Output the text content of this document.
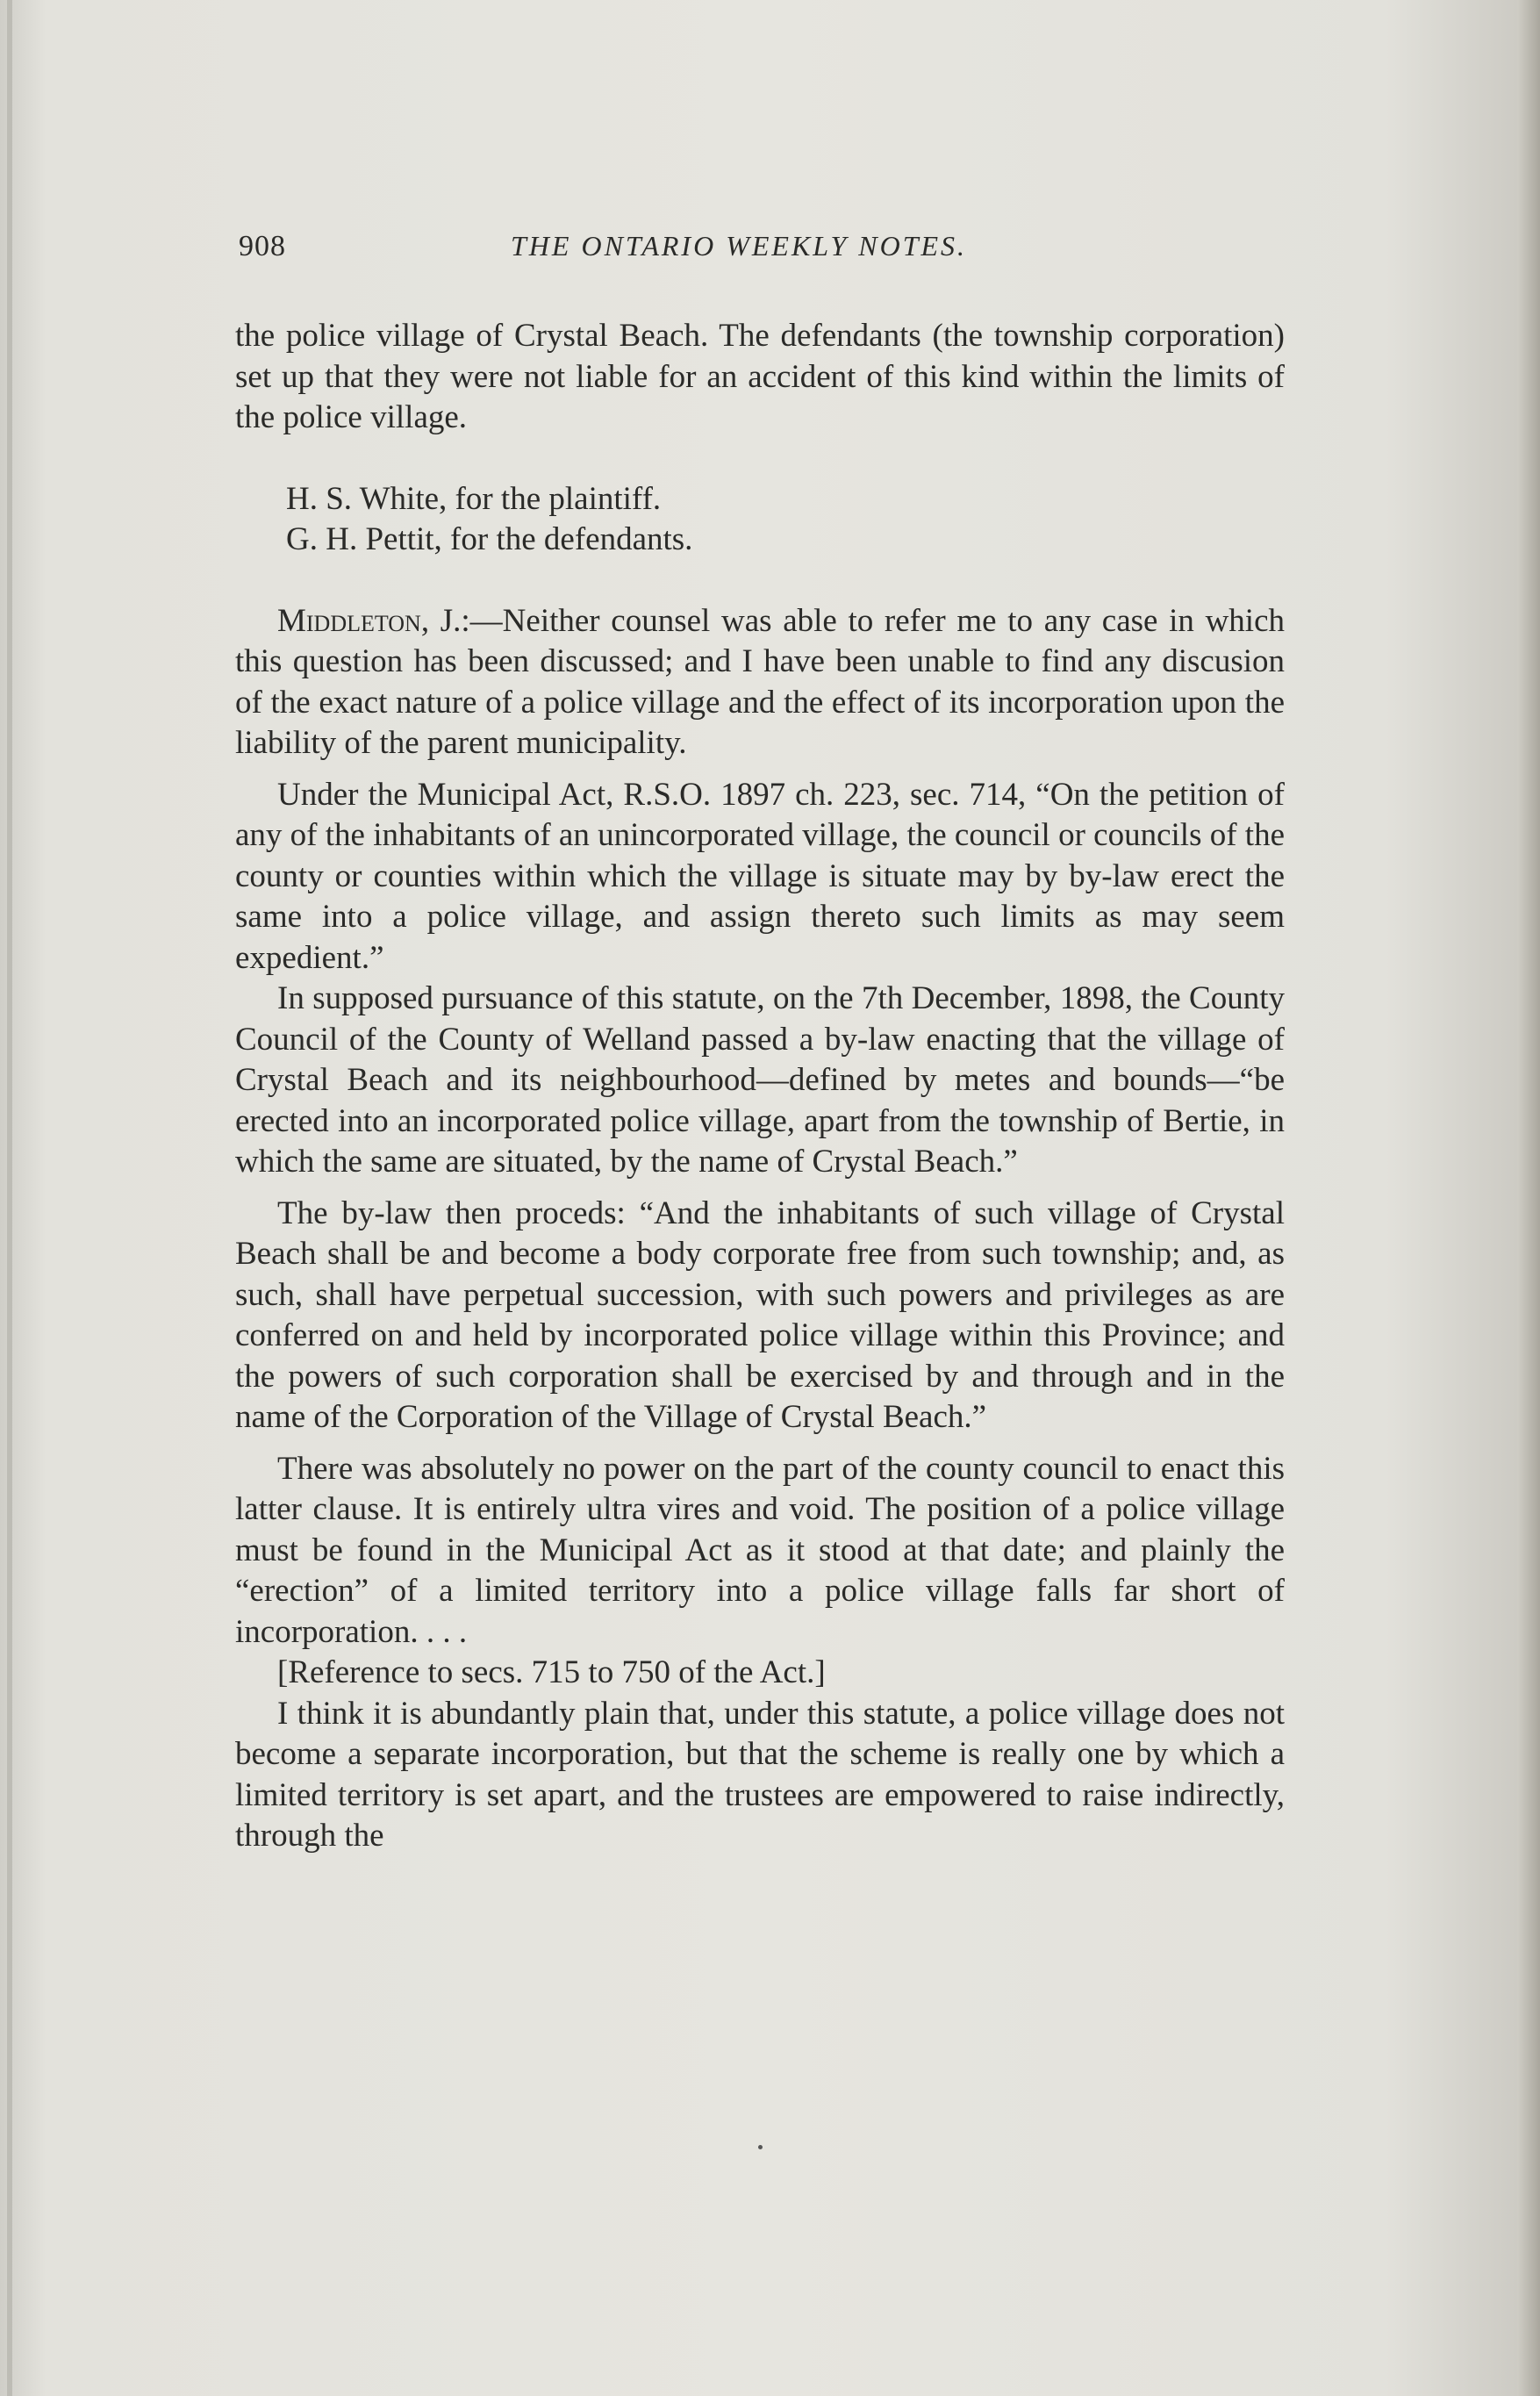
908	THE ONTARIO WEEKLY NOTES.

the police village of Crystal Beach. The defendants (the township corporation) set up that they were not liable for an accident of this kind within the limits of the police village.

H. S. White, for the plaintiff.

G. H. Pettit, for the defendants.

Middleton, J.:—Neither counsel was able to refer me to any case in which this question has been discussed; and I have been unable to find any discusion of the exact nature of a police village and the effect of its incorporation upon the liability of the parent municipality.

Under the Municipal Act, R.S.O. 1897 ch. 223, sec. 714, “On the petition of any of the inhabitants of an unincorporated village, the council or councils of the county or counties within which the village is situate may by by-law erect the same into a police village, and assign thereto such limits as may seem expedient.”

In supposed pursuance of this statute, on the 7th December, 1898, the County Council of the County of Welland passed a by-law enacting that the village of Crystal Beach and its neighbourhood—defined by metes and bounds—“be erected into an incorporated police village, apart from the township of Bertie, in which the same are situated, by the name of Crystal Beach.”

The by-law then proceds: “And the inhabitants of such village of Crystal Beach shall be and become a body corporate free from such township; and, as such, shall have perpetual succession, with such powers and privileges as are conferred on and held by incorporated police village within this Province; and the powers of such corporation shall be exercised by and through and in the name of the Corporation of the Village of Crystal Beach.”

There was absolutely no power on the part of the county council to enact this latter clause. It is entirely ultra vires and void. The position of a police village must be found in the Municipal Act as it stood at that date; and plainly the “erection” of a limited territory into a police village falls far short of incorporation. . . .

[Reference to secs. 715 to 750 of the Act.]

I think it is abundantly plain that, under this statute, a police village does not become a separate incorporation, but that the scheme is really one by which a limited territory is set apart, and the trustees are empowered to raise indirectly, through the
